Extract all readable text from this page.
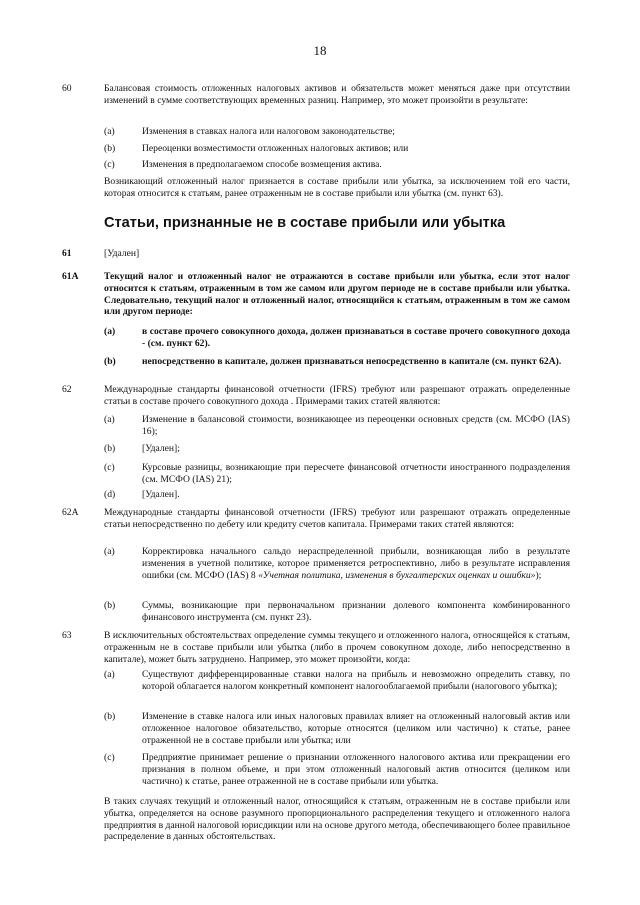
18
60	Балансовая стоимость отложенных налоговых активов и обязательств может меняться даже при отсутствии изменений в сумме соответствующих временных разниц. Например, это может произойти в результате:
(a)	Изменения в ставках налога или налоговом законодательстве;
(b)	Переоценки возместимости отложенных налоговых активов; или
(c)	Изменения в предполагаемом способе возмещения актива.
Возникающий отложенный налог признается в составе прибыли или убытка, за исключением той его части, которая относится к статьям, ранее отраженным не в составе прибыли или убытка (см. пункт 63).
Статьи, признанные не в составе прибыли или убытка
61	[Удален]
61A	Текущий налог и отложенный налог не отражаются в составе прибыли или убытка, если этот налог относится к статьям, отраженным в том же самом или другом периоде не в составе прибыли или убытка. Следовательно, текущий налог и отложенный налог, относящийся к статьям, отраженным в том же самом или другом периоде:
(a)	в составе прочего совокупного дохода, должен признаваться в составе прочего совокупного дохода - (см. пункт 62).
(b)	непосредственно в капитале, должен признаваться непосредственно в капитале (см. пункт 62А).
62	Международные стандарты финансовой отчетности (IFRS) требуют или разрешают отражать определенные статьи в составе прочего совокупного дохода . Примерами таких статей являются:
(a)	Изменение в балансовой стоимости, возникающее из переоценки основных средств (см. МСФО (IAS) 16);
(b)	[Удален];
(c)	Курсовые разницы, возникающие при пересчете финансовой отчетности иностранного подразделения (см. МСФО (IAS) 21);
(d)	[Удален].
62A	Международные стандарты финансовой отчетности (IFRS) требуют или разрешают отражать определенные статьи непосредственно по дебету или кредиту счетов капитала. Примерами таких статей являются:
(a)	Корректировка начального сальдо нераспределенной прибыли, возникающая либо в результате изменения в учетной политике, которое применяется ретроспективно, либо в результате исправления ошибки (см. МСФО (IAS) 8 «Учетная политика, изменения в бухгалтерских оценках и ошибки»);
(b)	Суммы, возникающие при первоначальном признании долевого компонента комбинированного финансового инструмента (см. пункт 23).
63	В исключительных обстоятельствах определение суммы текущего и отложенного налога, относящейся к статьям, отраженным не в составе прибыли или убытка (либо в прочем совокупном доходе, либо непосредственно в капитале), может быть затруднено. Например, это может произойти, когда:
(a)	Существуют дифференцированные ставки налога на прибыль и невозможно определить ставку, по которой облагается налогом конкретный компонент налогооблагаемой прибыли (налогового убытка);
(b)	Изменение в ставке налога или иных налоговых правилах влияет на отложенный налоговый актив или отложенное налоговое обязательство, которые относятся (целиком или частично) к статье, ранее отраженной не в составе прибыли или убытка; или
(c)	Предприятие принимает решение о признании отложенного налогового актива или прекращении его признания в полном объеме, и при этом отложенный налоговый актив относится (целиком или частично) к статье, ранее отраженной не в составе прибыли или убытка.
В таких случаях текущий и отложенный налог, относящийся к статьям, отраженным не в составе прибыли или убытка, определяется на основе разумного пропорционального распределения текущего и отложенного налога предприятия в данной налоговой юрисдикции или на основе другого метода, обеспечивающего более правильное распределение в данных обстоятельствах.
